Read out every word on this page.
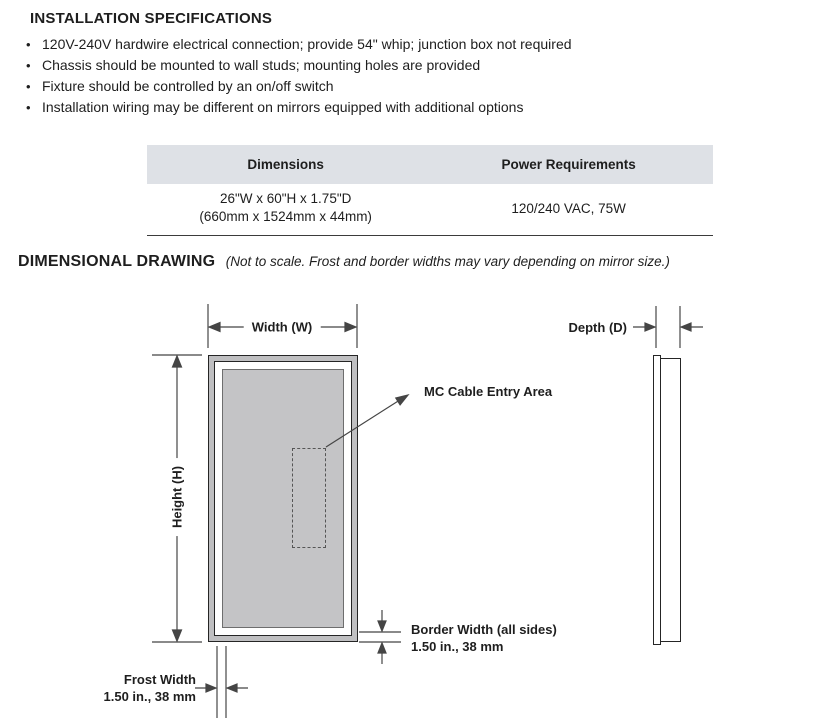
INSTALLATION SPECIFICATIONS
•
120V-240V hardwire electrical connection; provide 54" whip; junction box not required
•
Chassis should be mounted to wall studs; mounting holes are provided
•
Fixture should be controlled by an on/off switch
•
Installation wiring may be different on mirrors equipped with additional options
Dimensions	Power Requirements
26"W x 60"H x 1.75"D
(660mm x 1524mm x 44mm)
120/240 VAC, 75W
DIMENSIONAL DRAWING (Not to scale. Frost and border widths may vary depending on mirror size.)
Width (W)
Height (H)
Depth (D)
MC Cable Entry Area
Border Width (all sides)
1.50 in., 38 mm
Frost Width
1.50 in., 38 mm
